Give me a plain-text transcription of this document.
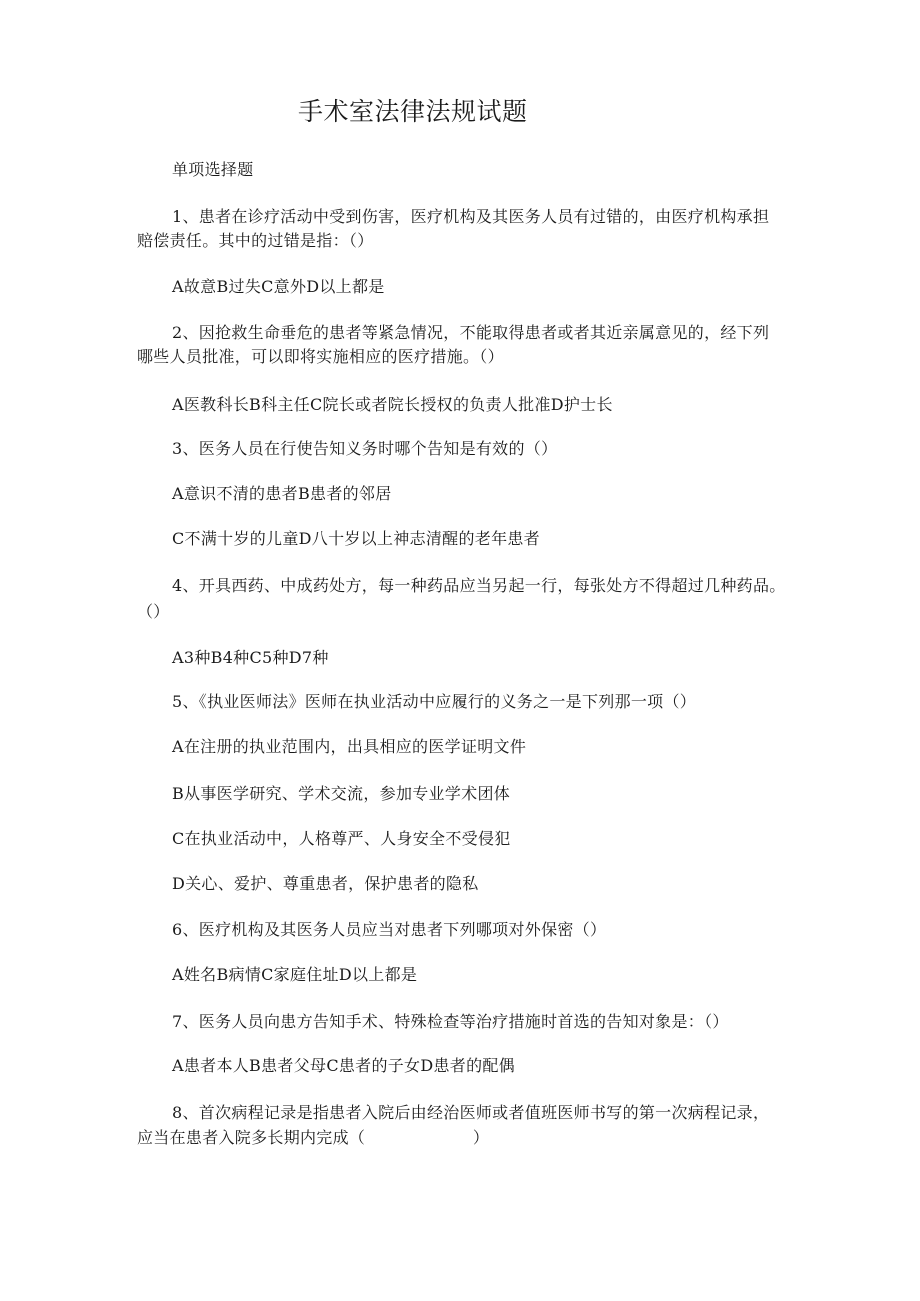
手术室法律法规试题
单项选择题
1、患者在诊疗活动中受到伤害，医疗机构及其医务人员有过错的，由医疗机构承担
赔偿责任。其中的过错是指：（）
A故意B过失C意外D以上都是
2、因抢救生命垂危的患者等紧急情况，不能取得患者或者其近亲属意见的，经下列
哪些人员批准，可以即将实施相应的医疗措施。（）
A医教科长B科主任C院长或者院长授权的负责人批准D护士长
3、医务人员在行使告知义务时哪个告知是有效的（）
A意识不清的患者B患者的邻居
C不满十岁的儿童D八十岁以上神志清醒的老年患者
4、开具西药、中成药处方，每一种药品应当另起一行，每张处方不得超过几种药品。
（）
A3种B4种C5种D7种
5、《执业医师法》医师在执业活动中应履行的义务之一是下列那一项（）
A在注册的执业范围内，出具相应的医学证明文件
B从事医学研究、学术交流，参加专业学术团体
C在执业活动中，人格尊严、人身安全不受侵犯
D关心、爱护、尊重患者，保护患者的隐私
6、医疗机构及其医务人员应当对患者下列哪项对外保密（）
A姓名B病情C家庭住址D以上都是
7、医务人员向患方告知手术、特殊检查等治疗措施时首选的告知对象是：（）
A患者本人B患者父母C患者的子女D患者的配偶
8、首次病程记录是指患者入院后由经治医师或者值班医师书写的第一次病程记录，
应当在患者入院多长期内完成（                    ）
